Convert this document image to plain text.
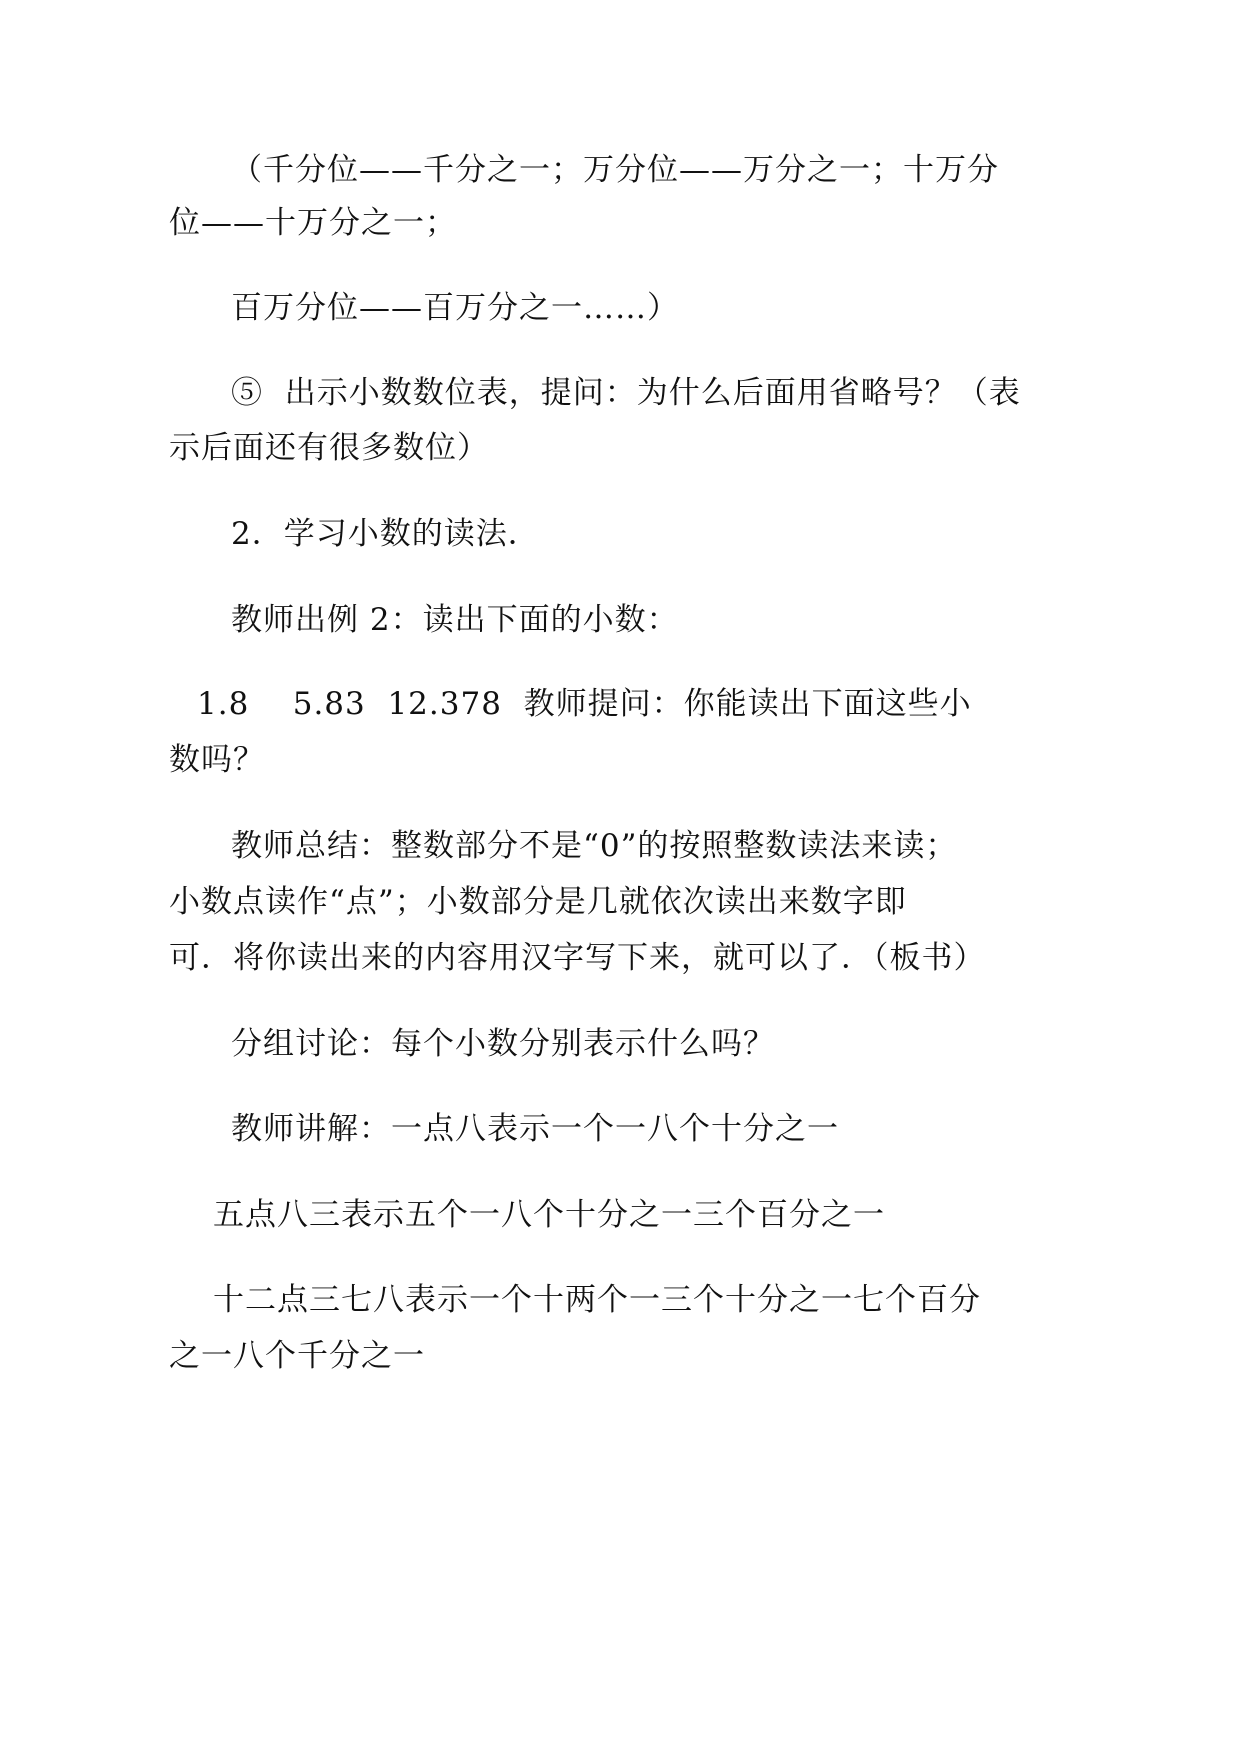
（千分位——千分之一；万分位——万分之一；十万分
位——十万分之一；
百万分位——百万分之一……）
⑤  出示小数数位表，提问：为什么后面用省略号？（表
示后面还有很多数位）
2．学习小数的读法．
教师出例 2：读出下面的小数：
1.8    5.83  12.378  教师提问：你能读出下面这些小
数吗？
教师总结：整数部分不是“0”的按照整数读法来读；
小数点读作“点”；小数部分是几就依次读出来数字即
可．将你读出来的内容用汉字写下来，就可以了．（板书）
分组讨论：每个小数分别表示什么吗？
教师讲解：一点八表示一个一八个十分之一
五点八三表示五个一八个十分之一三个百分之一
十二点三七八表示一个十两个一三个十分之一七个百分
之一八个千分之一
